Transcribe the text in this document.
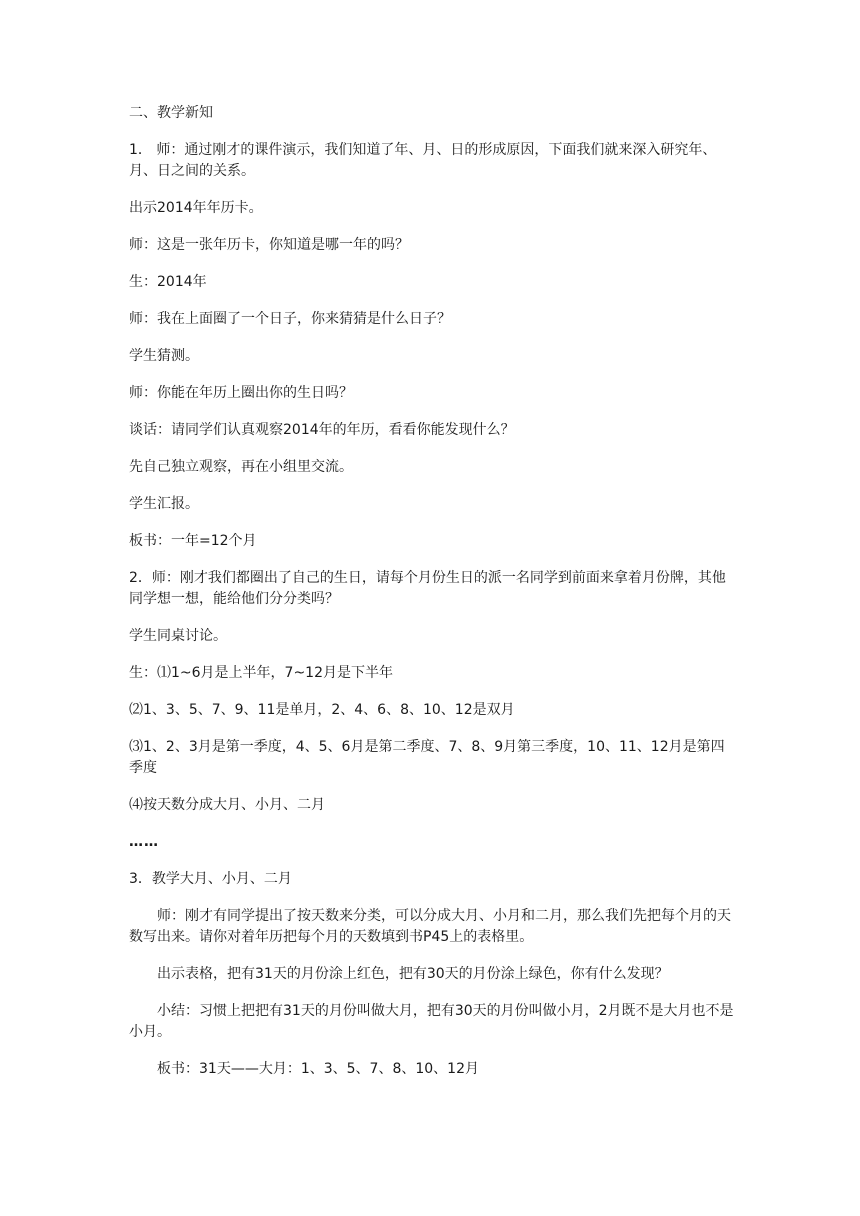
二、教学新知

1． 师：通过刚才的课件演示，我们知道了年、月、日的形成原因，下面我们就来深入研究年、月、日之间的关系。

出示2014年年历卡。

师：这是一张年历卡，你知道是哪一年的吗？

生：2014年

师：我在上面圈了一个日子，你来猜猜是什么日子？

学生猜测。

师：你能在年历上圈出你的生日吗？

谈话：请同学们认真观察2014年的年历，看看你能发现什么？

先自己独立观察，再在小组里交流。

学生汇报。

板书：一年=12个月

2．师：刚才我们都圈出了自己的生日，请每个月份生日的派一名同学到前面来拿着月份牌，其他同学想一想，能给他们分分类吗？

学生同桌讨论。

生：⑴1~6月是上半年，7~12月是下半年

⑵1、3、5、7、9、11是单月，2、4、6、8、10、12是双月

⑶1、2、3月是第一季度，4、5、6月是第二季度、7、8、9月第三季度，10、11、12月是第四季度

⑷按天数分成大月、小月、二月

……

3．教学大月、小月、二月

师：刚才有同学提出了按天数来分类，可以分成大月、小月和二月，那么我们先把每个月的天数写出来。请你对着年历把每个月的天数填到书P45上的表格里。

出示表格，把有31天的月份涂上红色，把有30天的月份涂上绿色，你有什么发现？

小结：习惯上把把有31天的月份叫做大月，把有30天的月份叫做小月，2月既不是大月也不是小月。

板书：31天——大月：1、3、5、7、8、10、12月
